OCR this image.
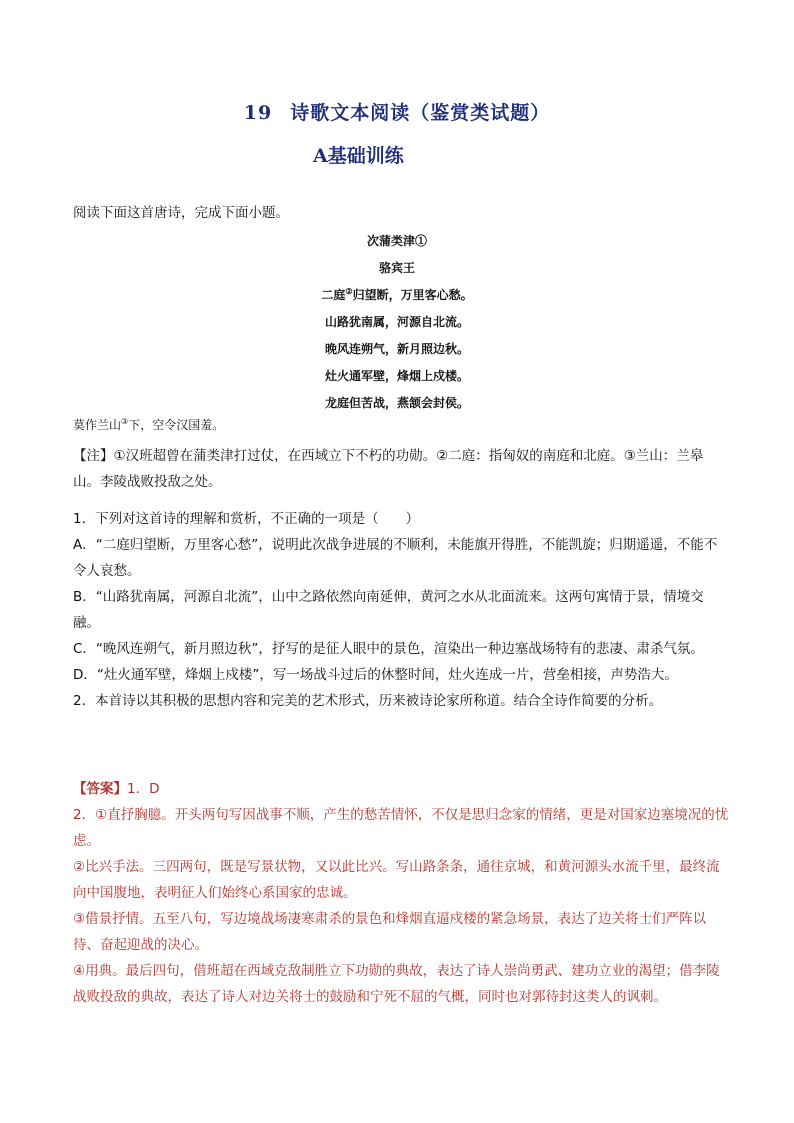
19 诗歌文本阅读（鉴赏类试题）
A基础训练
阅读下面这首唐诗，完成下面小题。
次蒲类津①
骆宾王
二庭②归望断，万里客心愁。
山路犹南属，河源自北流。
晚风连朔气，新月照边秋。
灶火通军壁，烽烟上戍楼。
龙庭但苦战，燕颔会封侯。
莫作兰山③下，空令汉国羞。
【注】①汉班超曾在蒲类津打过仗，在西域立下不朽的功勋。②二庭：指匈奴的南庭和北庭。③兰山：兰皋山。李陵战败投敌之处。

1．下列对这首诗的理解和赏析，不正确的一项是（　　）

A．“二庭归望断，万里客心愁”，说明此次战争进展的不顺利，未能旗开得胜，不能凯旋；归期遥遥，不能不令人哀愁。

B．“山路犹南属，河源自北流”，山中之路依然向南延伸，黄河之水从北面流来。这两句寓情于景，情境交融。

C．“晚风连朔气，新月照边秋”，抒写的是征人眼中的景色，渲染出一种边塞战场特有的悲凄、肃杀气氛。

D．“灶火通军壁，烽烟上戍楼”，写一场战斗过后的休整时间，灶火连成一片，营垒相接，声势浩大。

2．本首诗以其积极的思想内容和完美的艺术形式，历来被诗论家所称道。结合全诗作简要的分析。

【答案】1．D

2．①直抒胸臆。开头两句写因战事不顺，产生的愁苦情怀，不仅是思归念家的情绪，更是对国家边塞境况的忧虑。

②比兴手法。三四两句，既是写景状物，又以此比兴。写山路条条，通往京城，和黄河源头水流千里，最终流向中国腹地，表明征人们始终心系国家的忠诚。

③借景抒情。五至八句，写边境战场凄寒肃杀的景色和烽烟直逼戍楼的紧急场景，表达了边关将士们严阵以待、奋起迎战的决心。

④用典。最后四句，借班超在西域克敌制胜立下功勋的典故，表达了诗人崇尚勇武、建功立业的渴望；借李陵战败投敌的典故，表达了诗人对边关将士的鼓励和宁死不屈的气概，同时也对郭待封这类人的讽刺。
